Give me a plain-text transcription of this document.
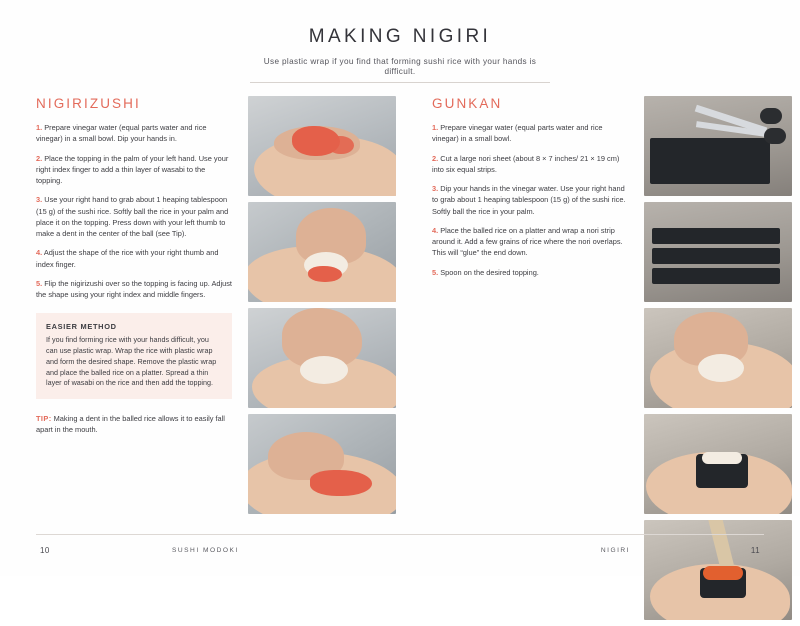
MAKING NIGIRI
Use plastic wrap if you find that forming sushi rice with your hands is difficult.
NIGIRIZUSHI

1. Prepare vinegar water (equal parts water and rice vinegar) in a small bowl. Dip your hands in.

2. Place the topping in the palm of your left hand. Use your right index finger to add a thin layer of wasabi to the topping.

3. Use your right hand to grab about 1 heaping tablespoon (15 g) of the sushi rice. Softly ball the rice in your palm and place it on the topping. Press down with your left thumb to make a dent in the center of the ball (see Tip).

4. Adjust the shape of the rice with your right thumb and index finger.

5. Flip the nigirizushi over so the topping is facing up. Adjust the shape using your right index and middle fingers.

EASIER METHOD

If you find forming rice with your hands difficult, you can use plastic wrap. Wrap the rice with plastic wrap and form the desired shape. Remove the plastic wrap and place the balled rice on a platter. Spread a thin layer of wasabi on the rice and then add the topping.

TIP: Making a dent in the balled rice allows it to easily fall apart in the mouth.

GUNKAN

1. Prepare vinegar water (equal parts water and rice vinegar) in a small bowl.

2. Cut a large nori sheet (about 8 × 7 inches/ 21 × 19 cm) into six equal strips.

3. Dip your hands in the vinegar water. Use your right hand to grab about 1 heaping tablespoon (15 g) of the sushi rice. Softly ball the rice in your palm.

4. Place the balled rice on a platter and wrap a nori strip around it. Add a few grains of rice where the nori overlaps. This will “glue” the end down.

5. Spoon on the desired topping.

10	SUSHI MODOKI	NIGIRI	11
